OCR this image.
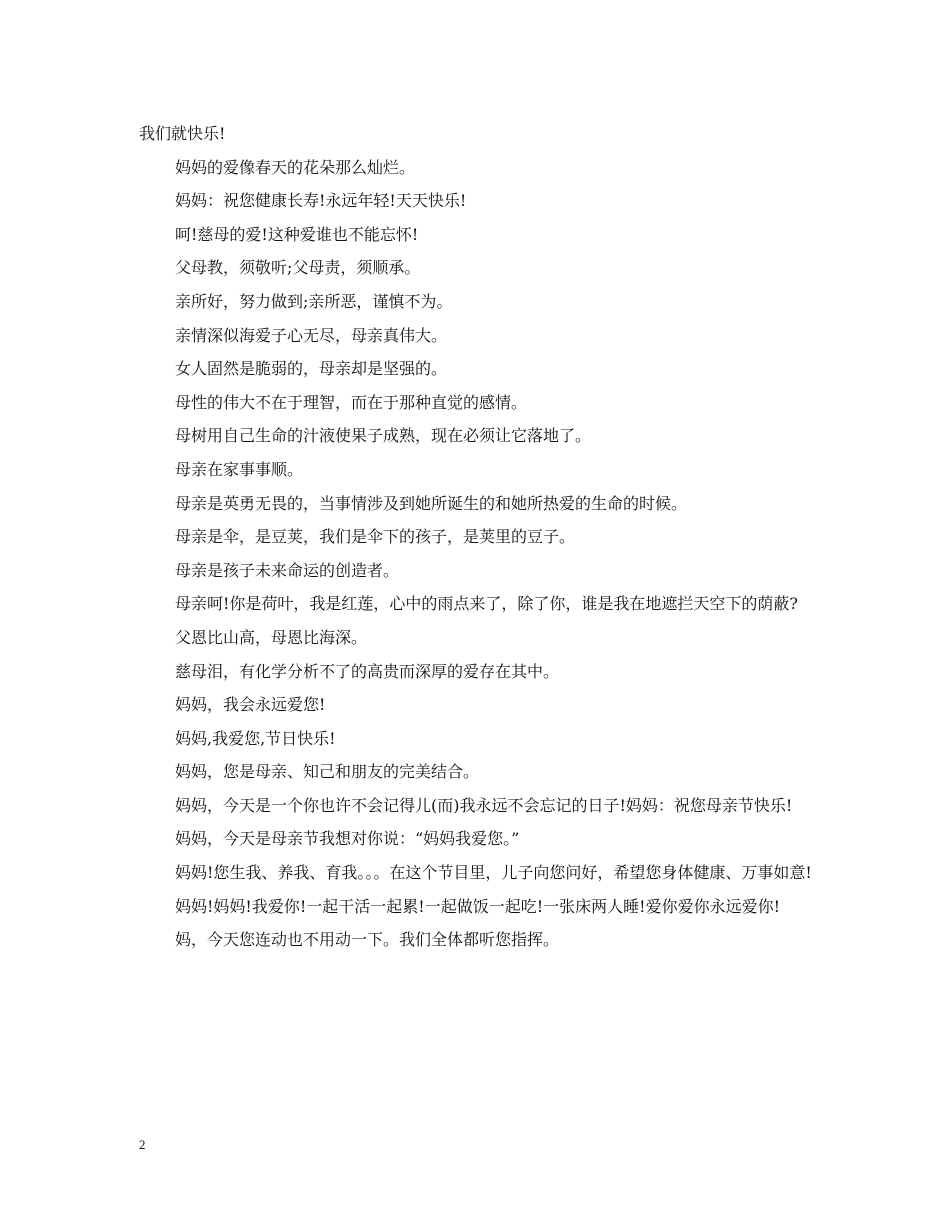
我们就快乐!

妈妈的爱像春天的花朵那么灿烂。

妈妈：祝您健康长寿!永远年轻!天天快乐!

呵!慈母的爱!这种爱谁也不能忘怀!

父母教，须敬听;父母责，须顺承。

亲所好，努力做到;亲所恶，谨慎不为。

亲情深似海爱子心无尽，母亲真伟大。

女人固然是脆弱的，母亲却是坚强的。

母性的伟大不在于理智，而在于那种直觉的感情。

母树用自己生命的汁液使果子成熟，现在必须让它落地了。

母亲在家事事顺。

母亲是英勇无畏的，当事情涉及到她所诞生的和她所热爱的生命的时候。

母亲是伞，是豆荚，我们是伞下的孩子，是荚里的豆子。

母亲是孩子未来命运的创造者。

母亲呵!你是荷叶，我是红莲，心中的雨点来了，除了你，谁是我在地遮拦天空下的荫蔽?

父恩比山高，母恩比海深。

慈母泪，有化学分析不了的高贵而深厚的爱存在其中。

妈妈，我会永远爱您!

妈妈,我爱您,节日快乐!

妈妈，您是母亲、知己和朋友的完美结合。

妈妈，今天是一个你也许不会记得儿(而)我永远不会忘记的日子!妈妈：祝您母亲节快乐!

妈妈，今天是母亲节我想对你说：“妈妈我爱您。”

妈妈!您生我、养我、育我。。。在这个节目里，儿子向您问好，希望您身体健康、万事如意!

妈妈!妈妈!我爱你!一起干活一起累!一起做饭一起吃!一张床两人睡!爱你爱你永远爱你!

妈，今天您连动也不用动一下。我们全体都听您指挥。

2
